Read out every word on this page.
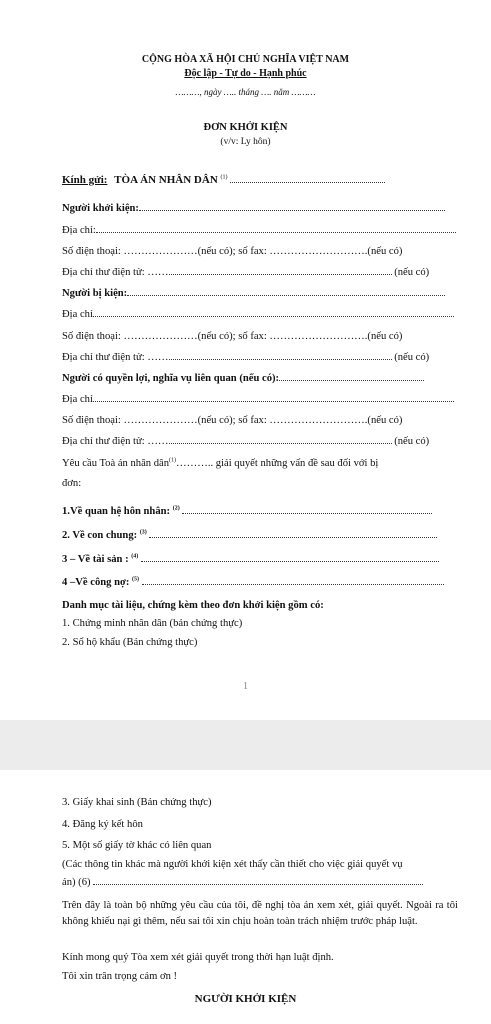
CỘNG HÒA XÃ HỘI CHỦ NGHĨA VIỆT NAM
Độc lập - Tự do - Hạnh phúc
………, ngày ….. tháng …. năm ………
ĐƠN KHỞI KIỆN
(v/v: Ly hôn)
Kính gửi: TÒA ÁN NHÂN DÂN $^{(1)}$
Người khởi kiện:
Địa chỉ:
Số điện thoại: …………………(nếu có); số fax: ……………………….(nếu có)
Địa chỉ thư điện tử: ……	(nếu có)
Người bị kiện:
Địa chỉ
Số điện thoại: …………………(nếu có); số fax: ……………………….(nếu có)
Địa chỉ thư điện tử: ……	(nếu có)
Người có quyền lợi, nghĩa vụ liên quan (nếu có):
Địa chỉ
Số điện thoại: …………………(nếu có); số fax: ……………………….(nếu có)
Địa chỉ thư điện tử: ……	(nếu có)
Yêu cầu Toà án nhân dân$^{(1)}$……….. giải quyết những vấn đề sau đối với bị
đơn:
1.Về quan hệ hôn nhân: $^{(2)}$
2. Về con chung: $^{(3)}$
3 – Về tài sản : $^{(4)}$
4 –Về công nợ: $^{(5)}$
Danh mục tài liệu, chứng kèm theo đơn khởi kiện gồm có:
1. Chứng minh nhân dân (bản chứng thực)
2. Sổ hộ khẩu (Bản chứng thực)
1
3. Giấy khai sinh (Bản chứng thực)
4. Đăng ký kết hôn
5. Một số giấy tờ khác có liên quan
(Các thông tin khác mà người khởi kiện xét thấy cần thiết cho việc giải quyết vụ
án) (6)
Trên đây là toàn bộ những yêu cầu của tôi, đề nghị tòa án xem xét, giải quyết. Ngoài ra tôi không khiếu nại gì thêm, nếu sai tôi xin chịu hoàn toàn trách nhiệm trước pháp luật.
Kính mong quý Tòa xem xét giải quyết trong thời hạn luật định.
Tôi xin trân trọng cảm ơn !
NGƯỜI KHỞI KIỆN
